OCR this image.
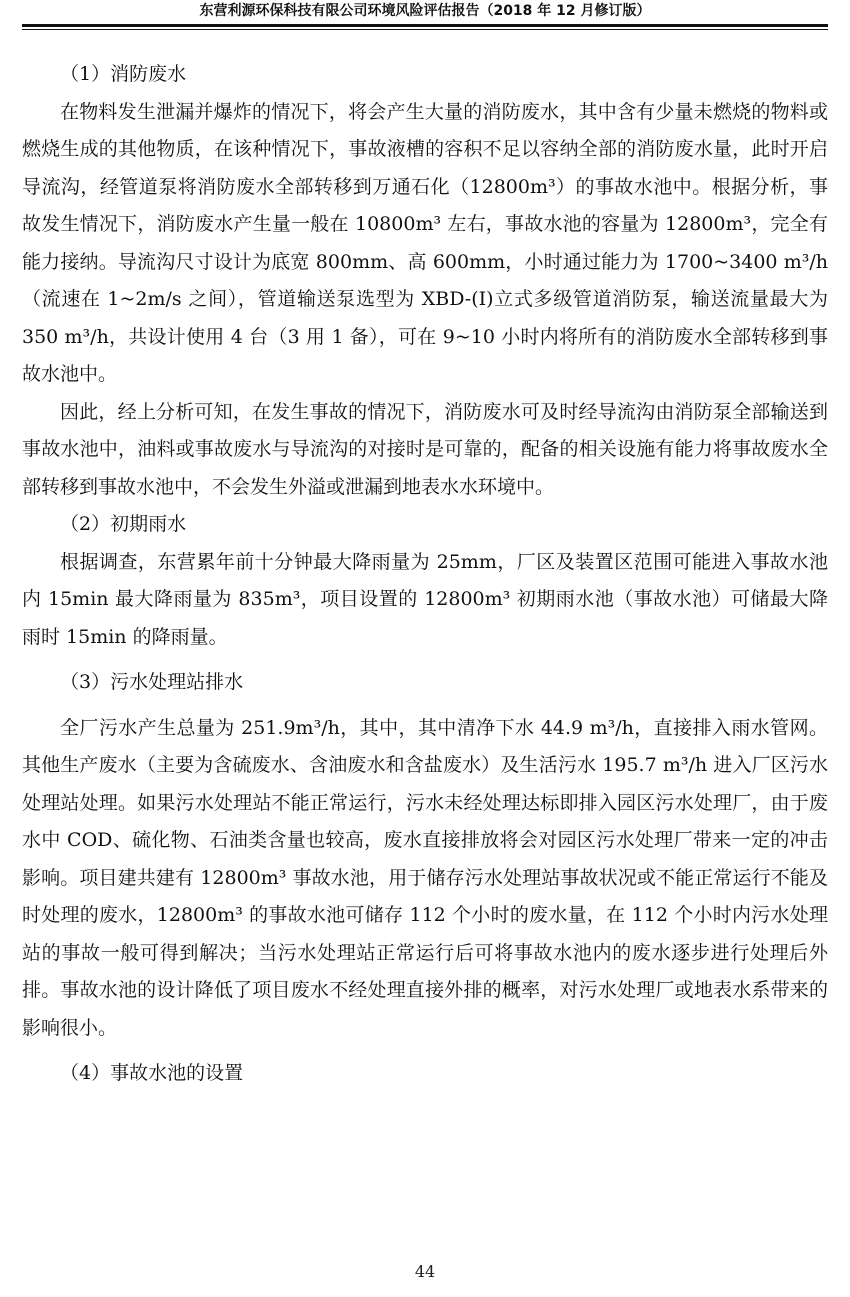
东营利源环保科技有限公司环境风险评估报告（2018 年 12 月修订版）
（1）消防废水

在物料发生泄漏并爆炸的情况下，将会产生大量的消防废水，其中含有少量未燃烧的物料或燃烧生成的其他物质，在该种情况下，事故液槽的容积不足以容纳全部的消防废水量，此时开启导流沟，经管道泵将消防废水全部转移到万通石化（12800m³）的事故水池中。根据分析，事故发生情况下，消防废水产生量一般在 10800m³ 左右，事故水池的容量为 12800m³，完全有能力接纳。导流沟尺寸设计为底宽 800mm、高 600mm，小时通过能力为 1700~3400 m³/h（流速在 1~2m/s 之间），管道输送泵选型为 XBD-(I)立式多级管道消防泵，输送流量最大为 350 m³/h，共设计使用 4 台（3 用 1 备），可在 9~10 小时内将所有的消防废水全部转移到事故水池中。

因此，经上分析可知，在发生事故的情况下，消防废水可及时经导流沟由消防泵全部输送到事故水池中，油料或事故废水与导流沟的对接时是可靠的，配备的相关设施有能力将事故废水全部转移到事故水池中，不会发生外溢或泄漏到地表水水环境中。

（2）初期雨水

根据调查，东营累年前十分钟最大降雨量为 25mm，厂区及装置区范围可能进入事故水池内 15min 最大降雨量为 835m³，项目设置的 12800m³ 初期雨水池（事故水池）可储最大降雨时 15min 的降雨量。

（3）污水处理站排水

全厂污水产生总量为 251.9m³/h，其中，其中清净下水 44.9 m³/h，直接排入雨水管网。其他生产废水（主要为含硫废水、含油废水和含盐废水）及生活污水 195.7 m³/h 进入厂区污水处理站处理。如果污水处理站不能正常运行，污水未经处理达标即排入园区污水处理厂，由于废水中 COD、硫化物、石油类含量也较高，废水直接排放将会对园区污水处理厂带来一定的冲击影响。项目建共建有 12800m³ 事故水池，用于储存污水处理站事故状况或不能正常运行不能及时处理的废水，12800m³ 的事故水池可储存 112 个小时的废水量，在 112 个小时内污水处理站的事故一般可得到解决；当污水处理站正常运行后可将事故水池内的废水逐步进行处理后外排。事故水池的设计降低了项目废水不经处理直接外排的概率，对污水处理厂或地表水系带来的影响很小。

（4）事故水池的设置
44
